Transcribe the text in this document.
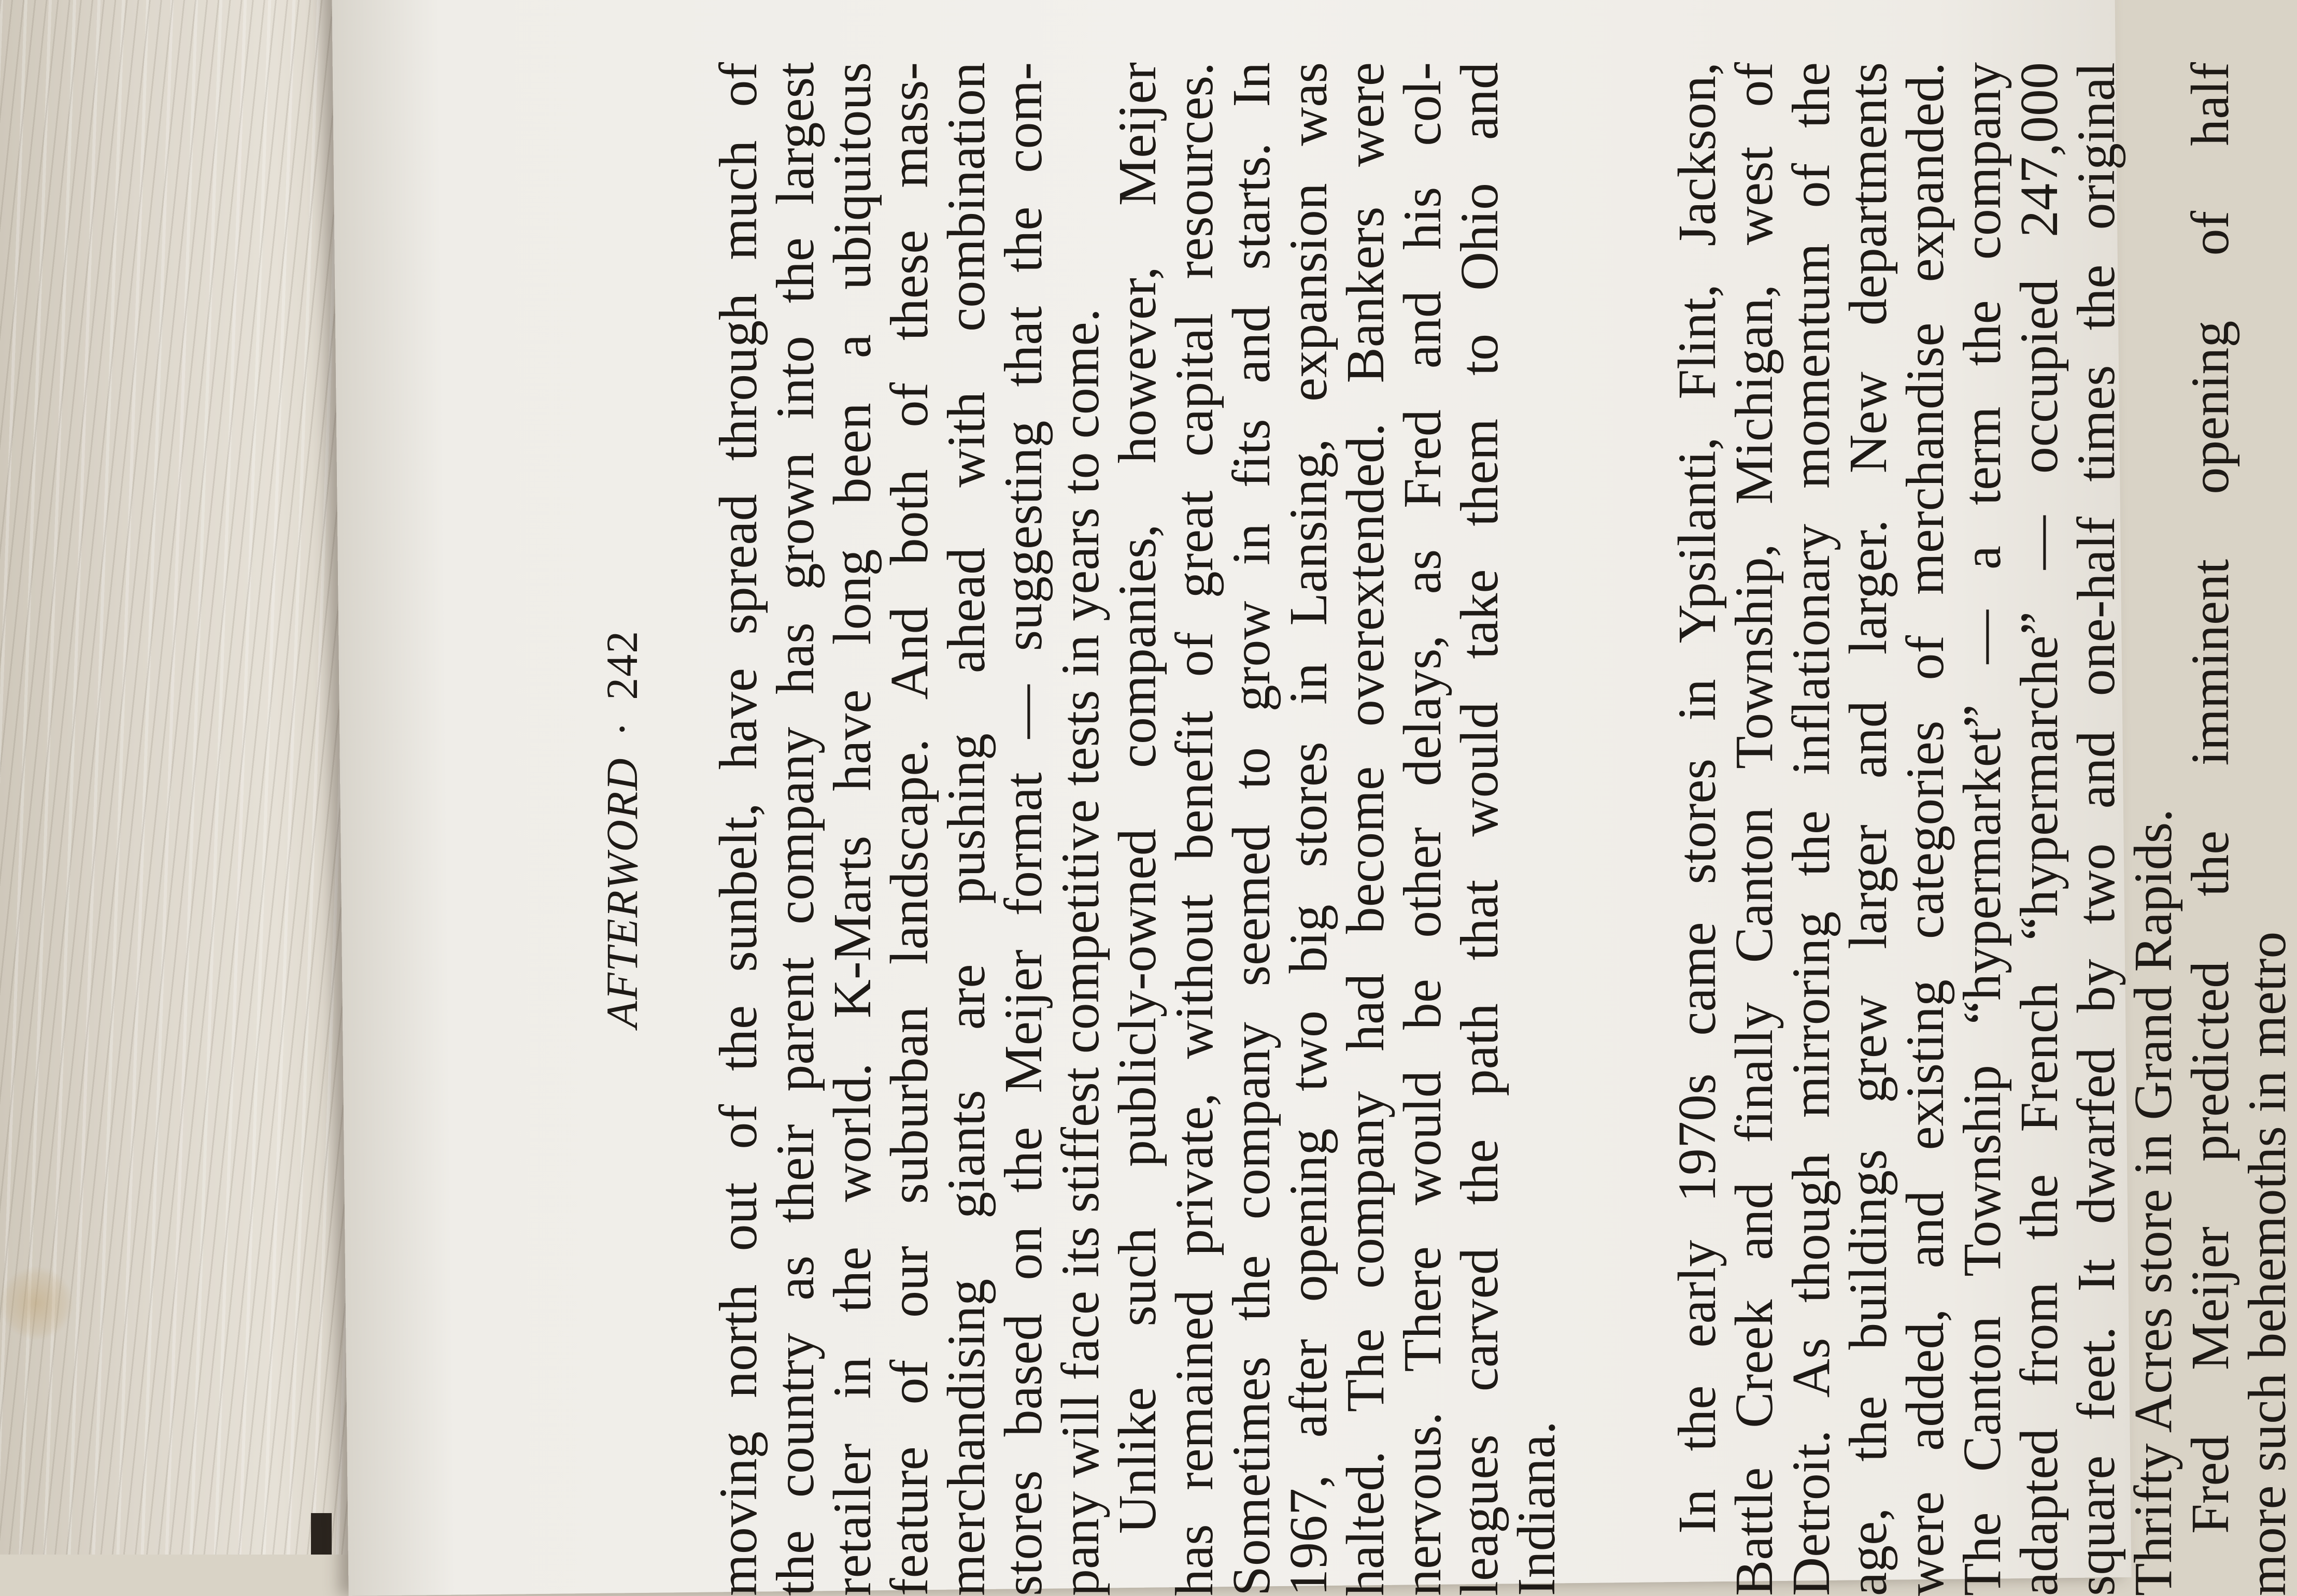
AFTERWORD·242 moving north out of the sunbelt, have spread through much of
the country as their parent company has grown into the largest
retailer in the world. K-Marts have long been a ubiquitous
feature of our suburban landscape. And both of these mass-
merchandising giants are pushing ahead with combination
stores based on the Meijer format — suggesting that the com-
pany will face its stiffest competitive tests in years to come.
Unlike such publicly-owned companies, however, Meijer
has remained private, without benefit of great capital resources.
Sometimes the company seemed to grow in fits and starts. In
1967, after opening two big stores in Lansing, expansion was
halted. The company had become overextended. Bankers were
nervous. There would be other delays, as Fred and his col-
leagues carved the path that would take them to Ohio and
Indiana. In the early 1970s came stores in Ypsilanti, Flint, Jackson,
Battle Creek and finally Canton Township, Michigan, west of
Detroit. As though mirroring the inflationary momentum of the
age, the buildings grew larger and larger. New departments
were added, and existing categories of merchandise expanded.
The Canton Township “hypermarket” — a term the company
adapted from the French “hypermarche” — occupied 247,000
square feet. It dwarfed by two and one-half times the original
Thrifty Acres store in Grand Rapids.
Fred Meijer predicted the imminent opening of half
more such behemoths in metro
